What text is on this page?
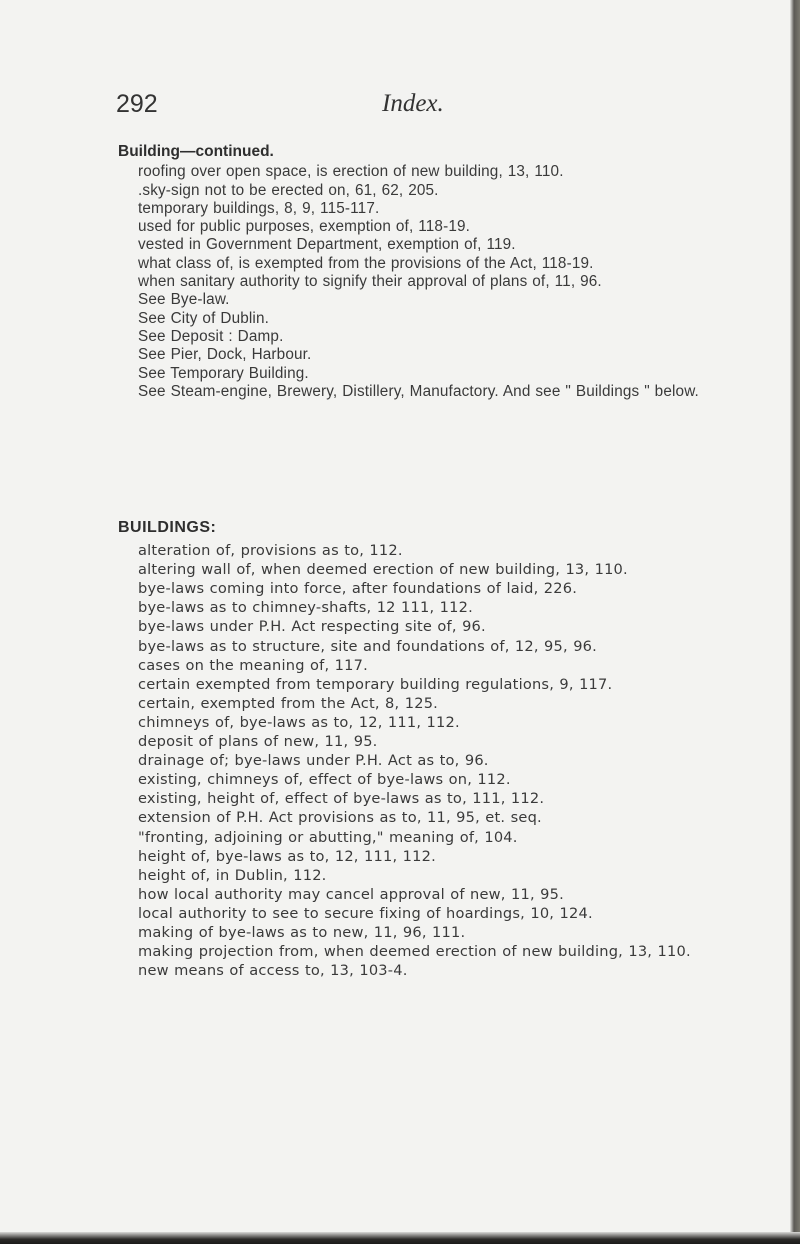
292	Index.
Building—continued.
roofing over open space, is erection of new building, 13, 110.
.sky-sign not to be erected on, 61, 62, 205.
temporary buildings, 8, 9, 115-117.
used for public purposes, exemption of, 118-19.
vested in Government Department, exemption of, 119.
what class of, is exempted from the provisions of the Act, 118-19.
when sanitary authority to signify their approval of plans of, 11, 96.
See Bye-law.
See City of Dublin.
See Deposit : Damp.
See Pier, Dock, Harbour.
See Temporary Building.
See Steam-engine, Brewery, Distillery, Manufactory. And see " Buildings " below.
BUILDINGS:
alteration of, provisions as to, 112.
altering wall of, when deemed erection of new building, 13, 110.
bye-laws coming into force, after foundations of laid, 226.
bye-laws as to chimney-shafts, 12 111, 112.
bye-laws under P.H. Act respecting site of, 96.
bye-laws as to structure, site and foundations of, 12, 95, 96.
cases on the meaning of, 117.
certain exempted from temporary building regulations, 9, 117.
certain, exempted from the Act, 8, 125.
chimneys of, bye-laws as to, 12, 111, 112.
deposit of plans of new, 11, 95.
drainage of; bye-laws under P.H. Act as to, 96.
existing, chimneys of, effect of bye-laws on, 112.
existing, height of, effect of bye-laws as to, 111, 112.
extension of P.H. Act provisions as to, 11, 95, et. seq.
"fronting, adjoining or abutting," meaning of, 104.
height of, bye-laws as to, 12, 111, 112.
height of, in Dublin, 112.
how local authority may cancel approval of new, 11, 95.
local authority to see to secure fixing of hoardings, 10, 124.
making of bye-laws as to new, 11, 96, 111.
making projection from, when deemed erection of new building, 13, 110.
new means of access to, 13, 103-4.
